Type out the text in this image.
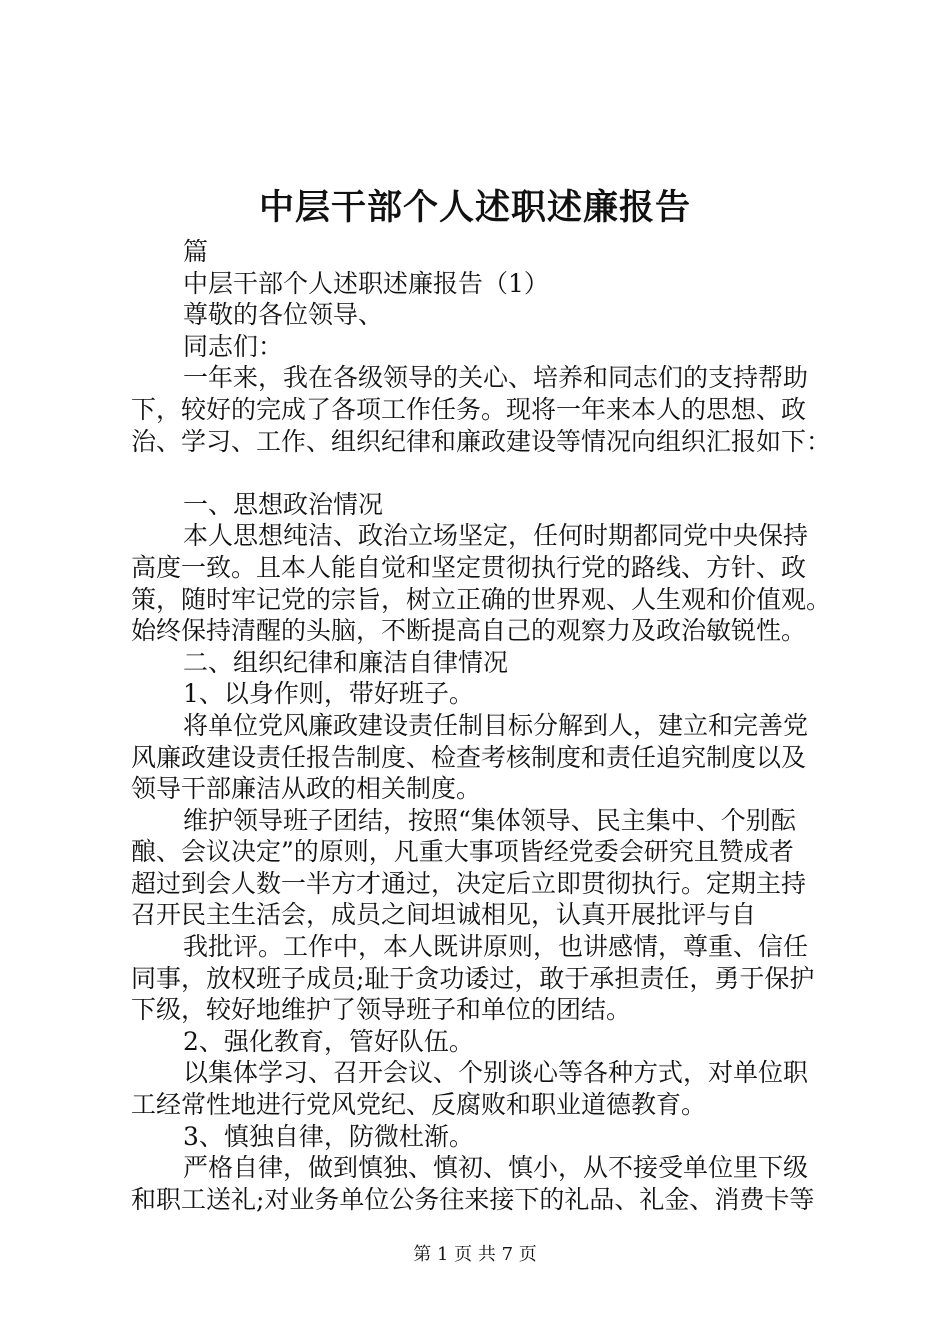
中层干部个人述职述廉报告
篇
中层干部个人述职述廉报告（1）
尊敬的各位领导、
同志们：
一年来，我在各级领导的关心、培养和同志们的支持帮助
下，较好的完成了各项工作任务。现将一年来本人的思想、政
治、学习、工作、组织纪律和廉政建设等情况向组织汇报如下：
一、思想政治情况
本人思想纯洁、政治立场坚定，任何时期都同党中央保持
高度一致。且本人能自觉和坚定贯彻执行党的路线、方针、政
策，随时牢记党的宗旨，树立正确的世界观、人生观和价值观。
始终保持清醒的头脑，不断提高自己的观察力及政治敏锐性。
二、组织纪律和廉洁自律情况
1、以身作则，带好班子。
将单位党风廉政建设责任制目标分解到人，建立和完善党
风廉政建设责任报告制度、检查考核制度和责任追究制度以及
领导干部廉洁从政的相关制度。
维护领导班子团结，按照“集体领导、民主集中、个别酝
酿、会议决定”的原则，凡重大事项皆经党委会研究且赞成者
超过到会人数一半方才通过，决定后立即贯彻执行。定期主持
召开民主生活会，成员之间坦诚相见，认真开展批评与自
我批评。工作中，本人既讲原则，也讲感情，尊重、信任
同事，放权班子成员;耻于贪功诿过，敢于承担责任，勇于保护
下级，较好地维护了领导班子和单位的团结。
2、强化教育，管好队伍。
以集体学习、召开会议、个别谈心等各种方式，对单位职
工经常性地进行党风党纪、反腐败和职业道德教育。
3、慎独自律，防微杜渐。
严格自律，做到慎独、慎初、慎小，从不接受单位里下级
和职工送礼;对业务单位公务往来接下的礼品、礼金、消费卡等
第 1 页 共 7 页
